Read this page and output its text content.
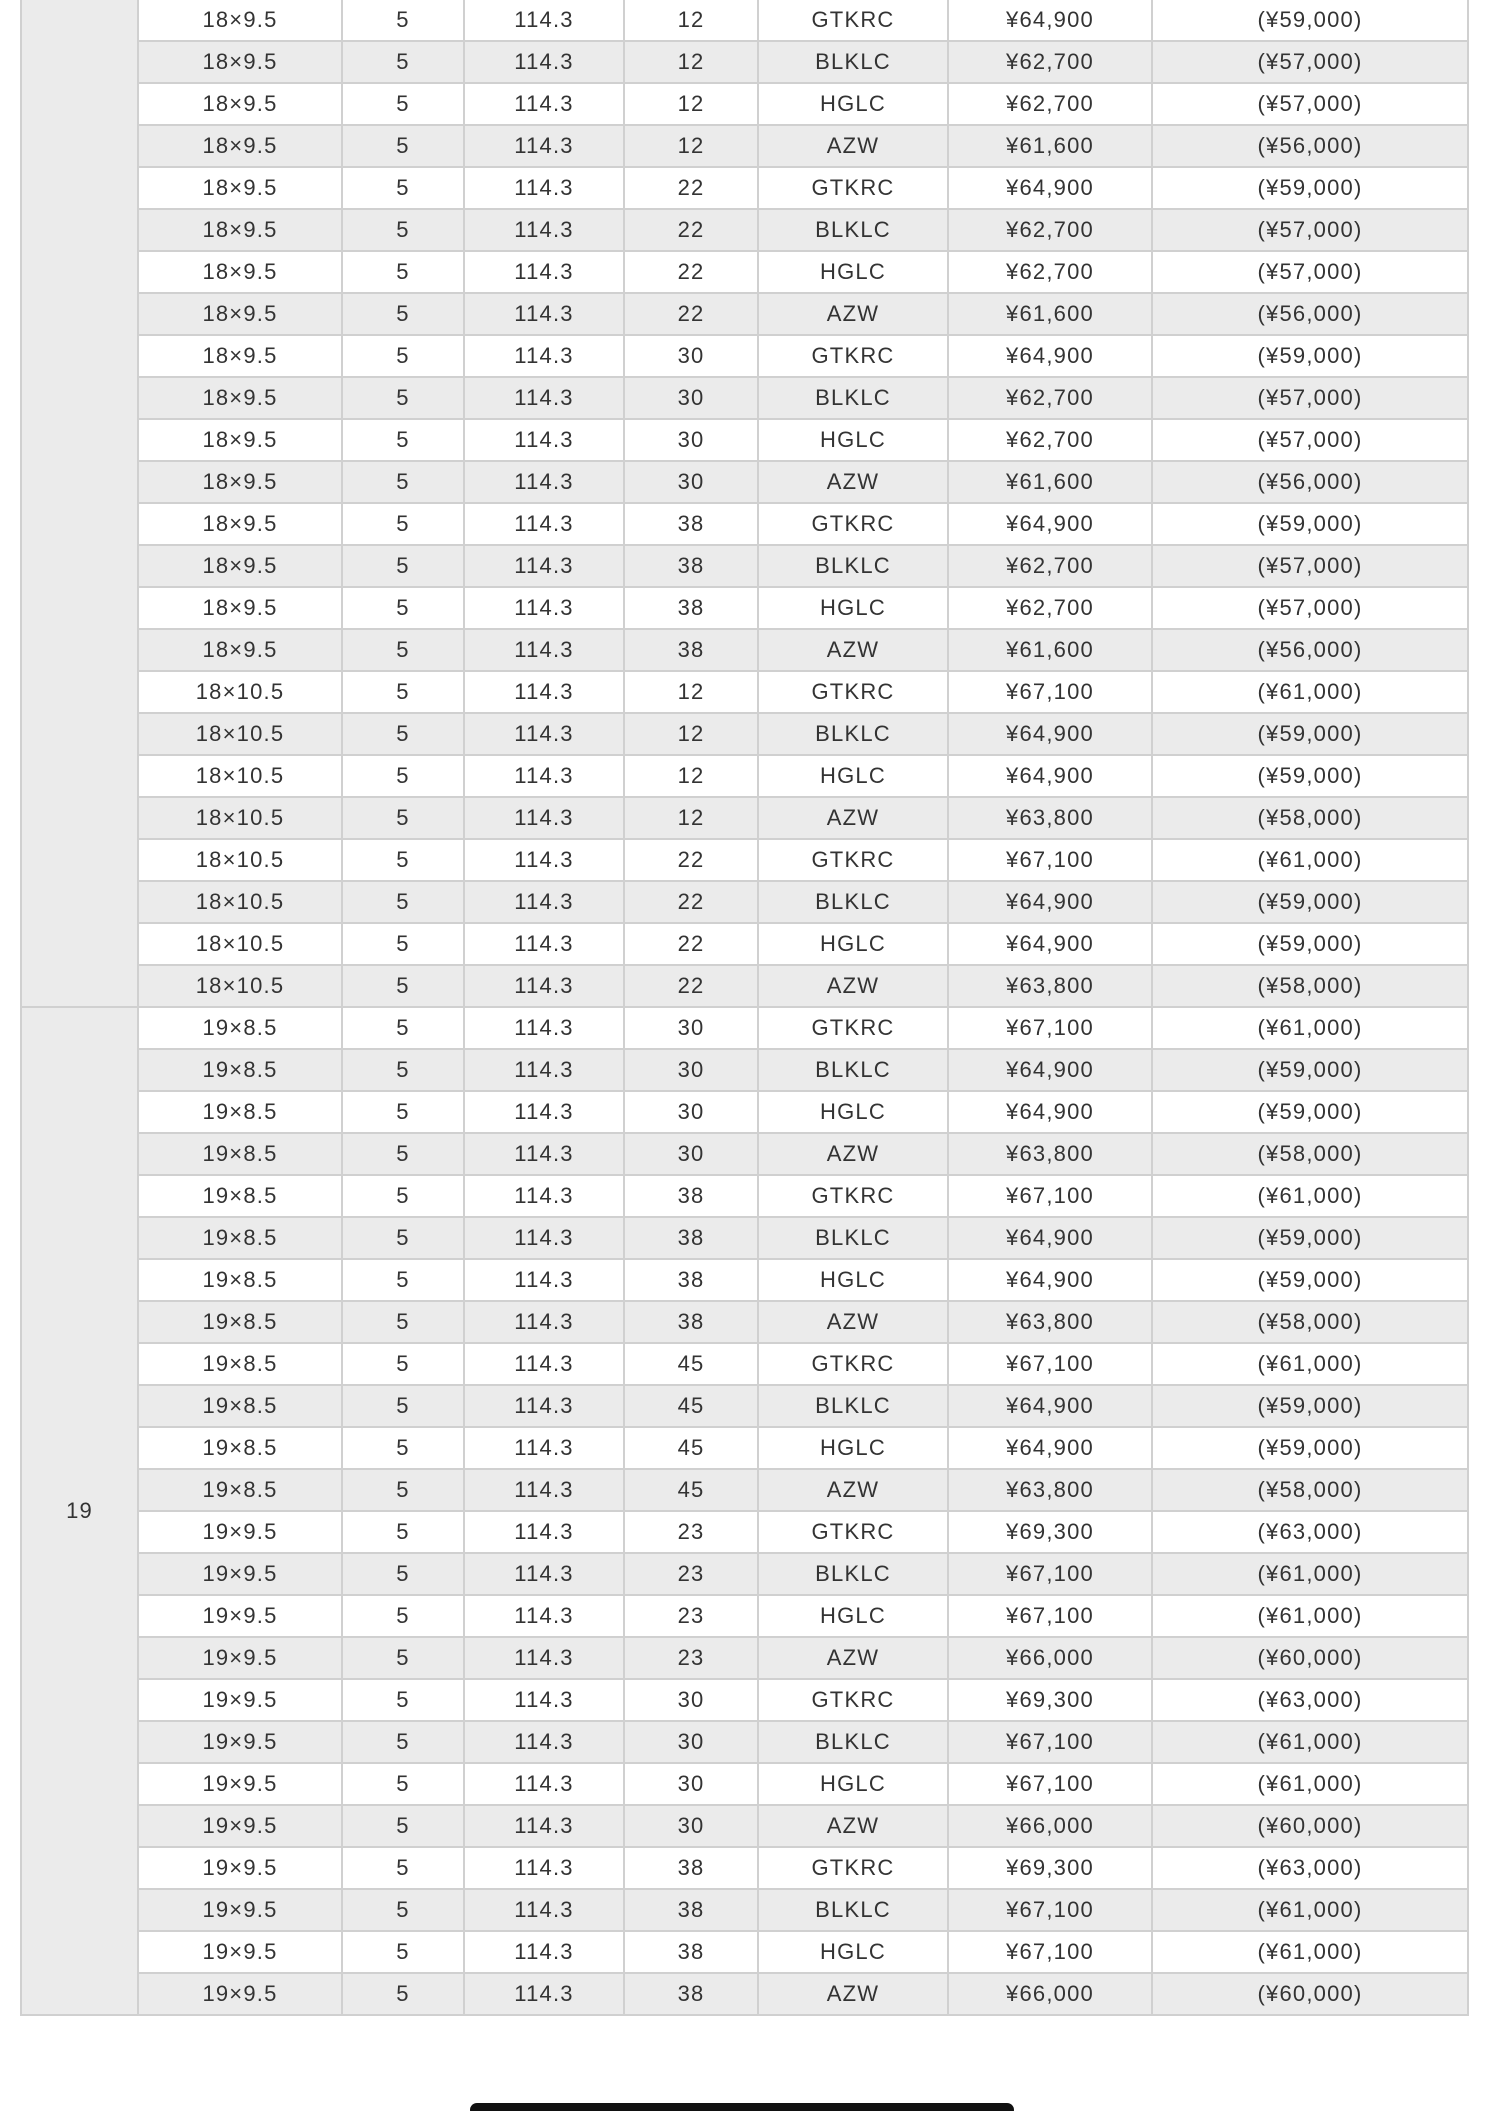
	18×9.5	5	114.3	12	GTKRC	¥64,900	(¥59,000)
	18×9.5	5	114.3	12	BLKLC	¥62,700	(¥57,000)
	18×9.5	5	114.3	12	HGLC	¥62,700	(¥57,000)
	18×9.5	5	114.3	12	AZW	¥61,600	(¥56,000)
	18×9.5	5	114.3	22	GTKRC	¥64,900	(¥59,000)
	18×9.5	5	114.3	22	BLKLC	¥62,700	(¥57,000)
	18×9.5	5	114.3	22	HGLC	¥62,700	(¥57,000)
	18×9.5	5	114.3	22	AZW	¥61,600	(¥56,000)
	18×9.5	5	114.3	30	GTKRC	¥64,900	(¥59,000)
	18×9.5	5	114.3	30	BLKLC	¥62,700	(¥57,000)
	18×9.5	5	114.3	30	HGLC	¥62,700	(¥57,000)
	18×9.5	5	114.3	30	AZW	¥61,600	(¥56,000)
	18×9.5	5	114.3	38	GTKRC	¥64,900	(¥59,000)
	18×9.5	5	114.3	38	BLKLC	¥62,700	(¥57,000)
	18×9.5	5	114.3	38	HGLC	¥62,700	(¥57,000)
	18×9.5	5	114.3	38	AZW	¥61,600	(¥56,000)
	18×10.5	5	114.3	12	GTKRC	¥67,100	(¥61,000)
	18×10.5	5	114.3	12	BLKLC	¥64,900	(¥59,000)
	18×10.5	5	114.3	12	HGLC	¥64,900	(¥59,000)
	18×10.5	5	114.3	12	AZW	¥63,800	(¥58,000)
	18×10.5	5	114.3	22	GTKRC	¥67,100	(¥61,000)
	18×10.5	5	114.3	22	BLKLC	¥64,900	(¥59,000)
	18×10.5	5	114.3	22	HGLC	¥64,900	(¥59,000)
	18×10.5	5	114.3	22	AZW	¥63,800	(¥58,000)
19	19×8.5	5	114.3	30	GTKRC	¥67,100	(¥61,000)
	19×8.5	5	114.3	30	BLKLC	¥64,900	(¥59,000)
	19×8.5	5	114.3	30	HGLC	¥64,900	(¥59,000)
	19×8.5	5	114.3	30	AZW	¥63,800	(¥58,000)
	19×8.5	5	114.3	38	GTKRC	¥67,100	(¥61,000)
	19×8.5	5	114.3	38	BLKLC	¥64,900	(¥59,000)
	19×8.5	5	114.3	38	HGLC	¥64,900	(¥59,000)
	19×8.5	5	114.3	38	AZW	¥63,800	(¥58,000)
	19×8.5	5	114.3	45	GTKRC	¥67,100	(¥61,000)
	19×8.5	5	114.3	45	BLKLC	¥64,900	(¥59,000)
	19×8.5	5	114.3	45	HGLC	¥64,900	(¥59,000)
	19×8.5	5	114.3	45	AZW	¥63,800	(¥58,000)
	19×9.5	5	114.3	23	GTKRC	¥69,300	(¥63,000)
	19×9.5	5	114.3	23	BLKLC	¥67,100	(¥61,000)
	19×9.5	5	114.3	23	HGLC	¥67,100	(¥61,000)
	19×9.5	5	114.3	23	AZW	¥66,000	(¥60,000)
	19×9.5	5	114.3	30	GTKRC	¥69,300	(¥63,000)
	19×9.5	5	114.3	30	BLKLC	¥67,100	(¥61,000)
	19×9.5	5	114.3	30	HGLC	¥67,100	(¥61,000)
	19×9.5	5	114.3	30	AZW	¥66,000	(¥60,000)
	19×9.5	5	114.3	38	GTKRC	¥69,300	(¥63,000)
	19×9.5	5	114.3	38	BLKLC	¥67,100	(¥61,000)
	19×9.5	5	114.3	38	HGLC	¥67,100	(¥61,000)
	19×9.5	5	114.3	38	AZW	¥66,000	(¥60,000)
